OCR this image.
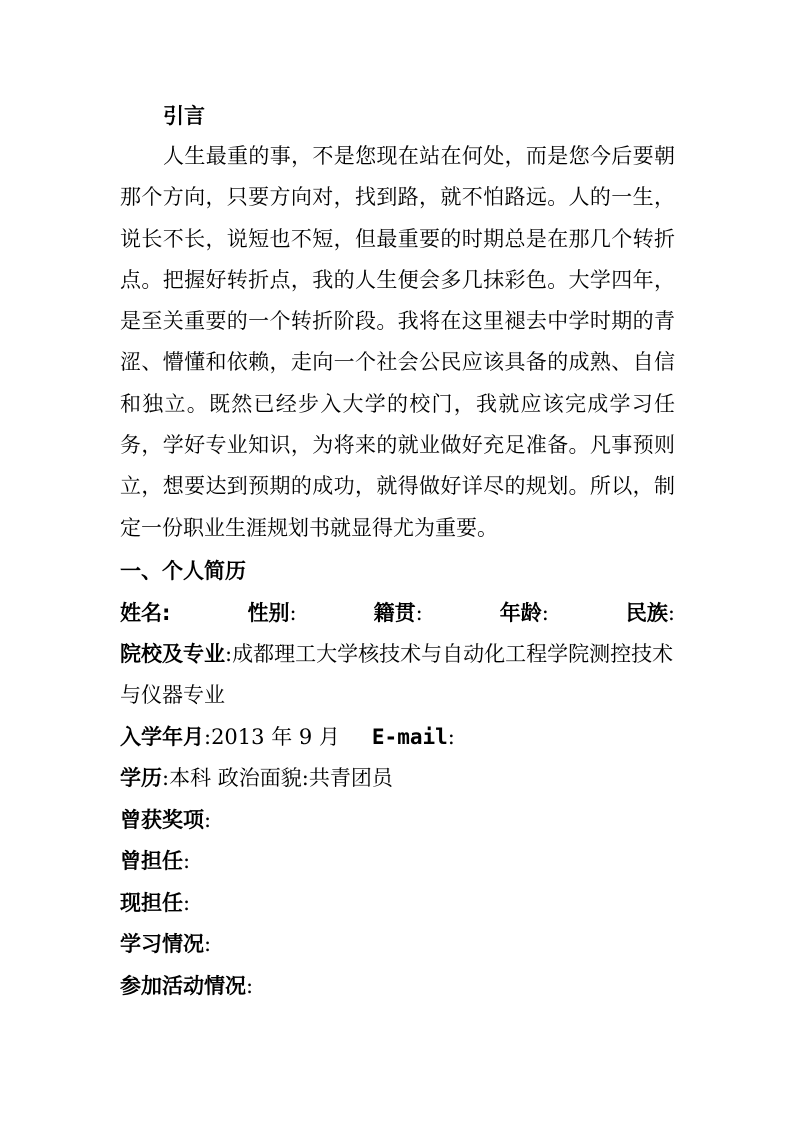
引言

人生最重的事，不是您现在站在何处，而是您今后要朝那个方向，只要方向对，找到路，就不怕路远。人的一生，说长不长，说短也不短，但最重要的时期总是在那几个转折点。把握好转折点，我的人生便会多几抹彩色。大学四年，是至关重要的一个转折阶段。我将在这里褪去中学时期的青涩、懵懂和依赖，走向一个社会公民应该具备的成熟、自信和独立。既然已经步入大学的校门，我就应该完成学习任务，学好专业知识，为将来的就业做好充足准备。凡事预则立，想要达到预期的成功，就得做好详尽的规划。所以，制定一份职业生涯规划书就显得尤为重要。

一、个人简历

姓名:	性别:	籍贯:	年龄:	民族:

院校及专业:成都理工大学核技术与自动化工程学院测控技术与仪器专业

入学年月:2013 年 9 月 E-mail:

学历:本科 政治面貌:共青团员

曾获奖项:

曾担任:

现担任:

学习情况:

参加活动情况:
